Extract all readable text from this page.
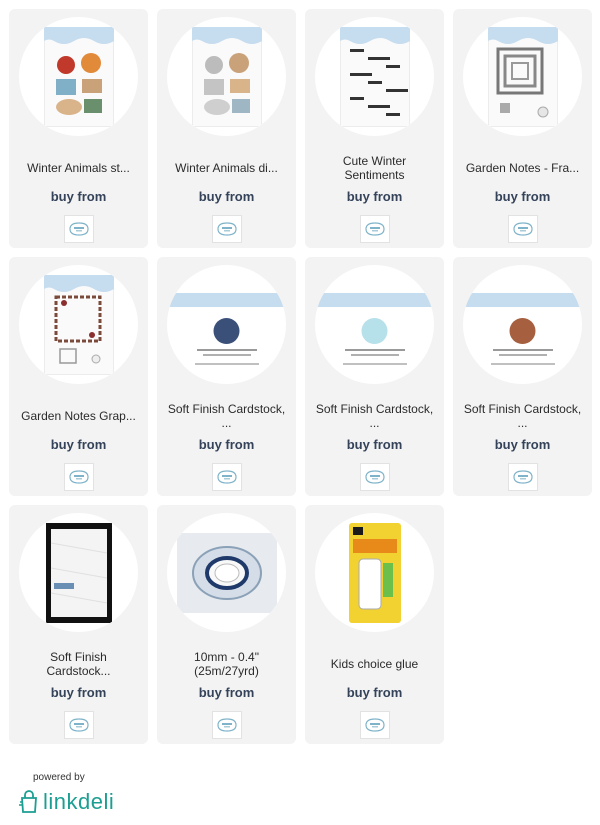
Winter Animals st...
buy from
Winter Animals di...
buy from
Cute Winter Sentiments
buy from
Garden Notes - Fra...
buy from
Garden Notes Grap...
buy from
Soft Finish Cardstock, ...
buy from
Soft Finish Cardstock, ...
buy from
Soft Finish Cardstock, ...
buy from
Soft Finish Cardstock...
buy from
10mm - 0.4" (25m/27yrd)
buy from
Kids choice glue
buy from
powered by
linkdeli
